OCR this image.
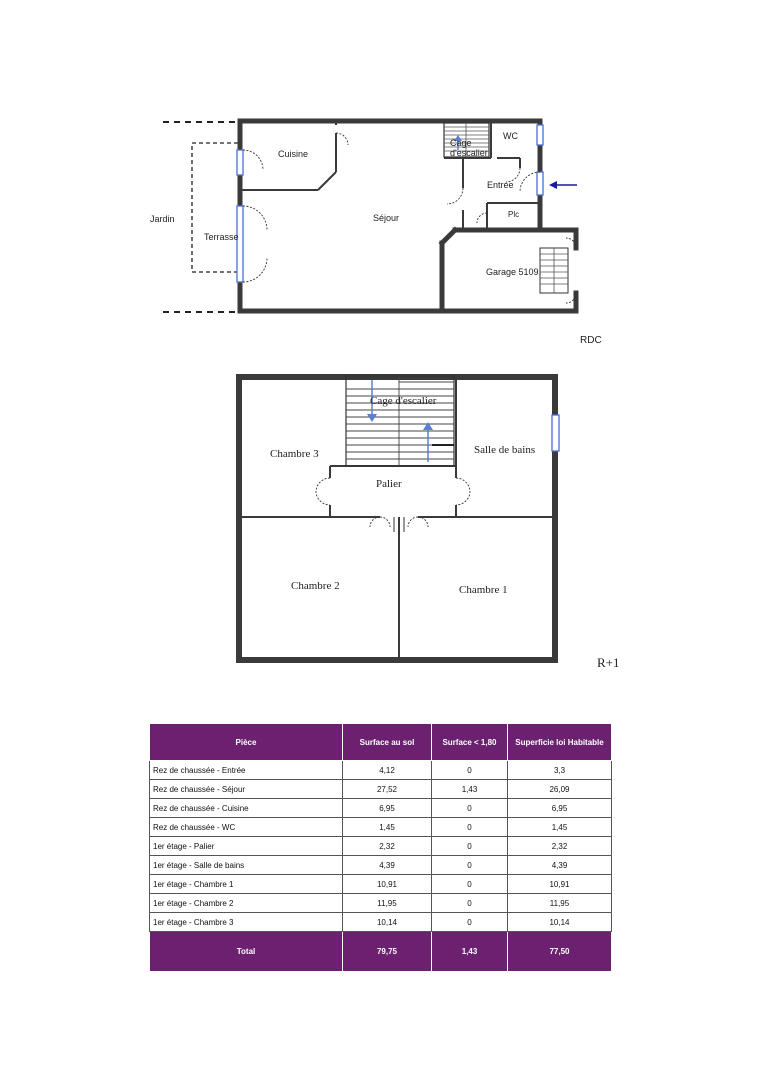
Cuisine
Séjour
Jardin
Terrasse
Cage
d'escalier
WC
Entrée
Plc
Garage 5109
RDC
Cage d'escalier
Chambre 3	Salle de bains
Palier
Chambre 2	Chambre 1
R+1
Pièce	Surface au sol	Surface < 1,80	Superficie loi Habitable
Rez de chaussée - Entrée	4,12	0	3,3
Rez de chaussée - Séjour	27,52	1,43	26,09
Rez de chaussée - Cuisine	6,95	0	6,95
Rez de chaussée - WC	1,45	0	1,45
1er étage - Palier	2,32	0	2,32
1er étage - Salle de bains	4,39	0	4,39
1er étage - Chambre 1	10,91	0	10,91
1er étage - Chambre 2	11,95	0	11,95
1er étage - Chambre 3	10,14	0	10,14
Total	79,75	1,43	77,50
